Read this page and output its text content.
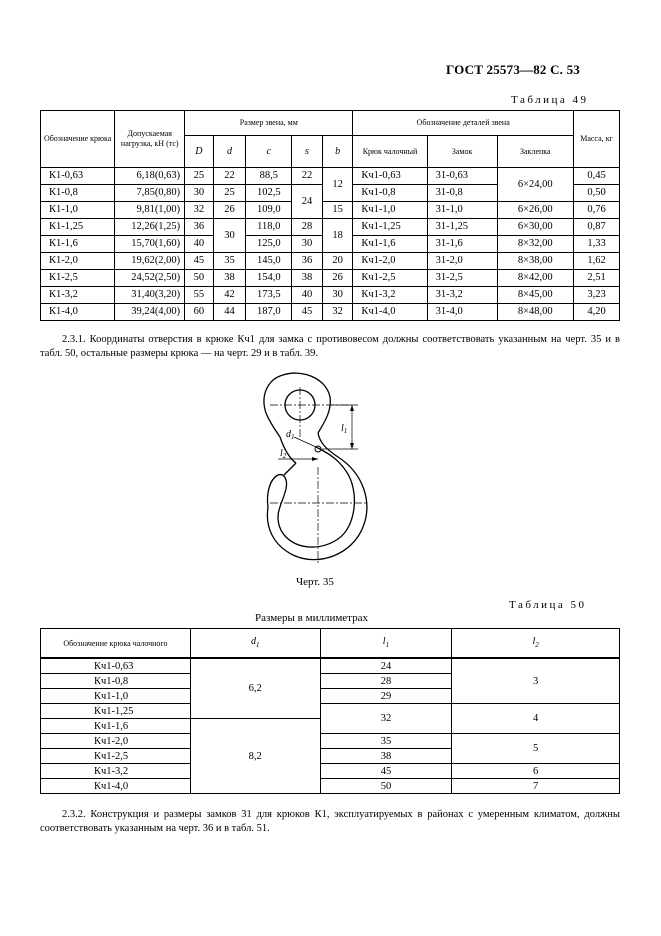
ГОСТ 25573—82 С. 53
Таблица 49
Обозначение крюка	Допускаемая нагрузка, кН (тс)	Размер звена, мм					Обозначение деталей звена			Масса, кг
		D	d	c	s	b	Крюк чалочный	Замок	Заклепка	
К1-0,63	6,18(0,63)	25	22	88,5	22	12	Кч1-0,63	31-0,63	6×24,00	0,45
К1-0,8	7,85(0,80)	30	25	102,5	24		Кч1-0,8	31-0,8		0,50
К1-1,0	9,81(1,00)	32	26	109,0		15	Кч1-1,0	31-1,0	6×26,00	0,76
К1-1,25	12,26(1,25)	36	30	118,0	28	18	Кч1-1,25	31-1,25	6×30,00	0,87
К1-1,6	15,70(1,60)	40		125,0	30		Кч1-1,6	31-1,6	8×32,00	1,33
К1-2,0	19,62(2,00)	45	35	145,0	36	20	Кч1-2,0	31-2,0	8×38,00	1,62
К1-2,5	24,52(2,50)	50	38	154,0	38	26	Кч1-2,5	31-2,5	8×42,00	2,51
К1-3,2	31,40(3,20)	55	42	173,5	40	30	Кч1-3,2	31-3,2	8×45,00	3,23
К1-4,0	39,24(4,00)	60	44	187,0	45	32	Кч1-4,0	31-4,0	8×48,00	4,20
2.3.1. Координаты отверстия в крюке Кч1 для замка с противовесом должны соответствовать указанным на черт. 35 и в табл. 50, остальные размеры крюка — на черт. 29 и в табл. 39.
$d_1$
$l_1$
$l_2$
Черт. 35
Таблица 50
Размеры в миллиметрах
Обозначение крюка чалочного	$d_1$	$l_1$	$l_2$
Кч1-0,63	6,2	24	3
Кч1-0,8		28	
Кч1-1,0		29	
Кч1-1,25		32	4
Кч1-1,6	8,2		
Кч1-2,0		35	5
Кч1-2,5		38	
Кч1-3,2		45	6
Кч1-4,0		50	7
2.3.2. Конструкция и размеры замков 31 для крюков К1, эксплуатируемых в районах с умеренным климатом, должны соответствовать указанным на черт. 36 и в табл. 51.
